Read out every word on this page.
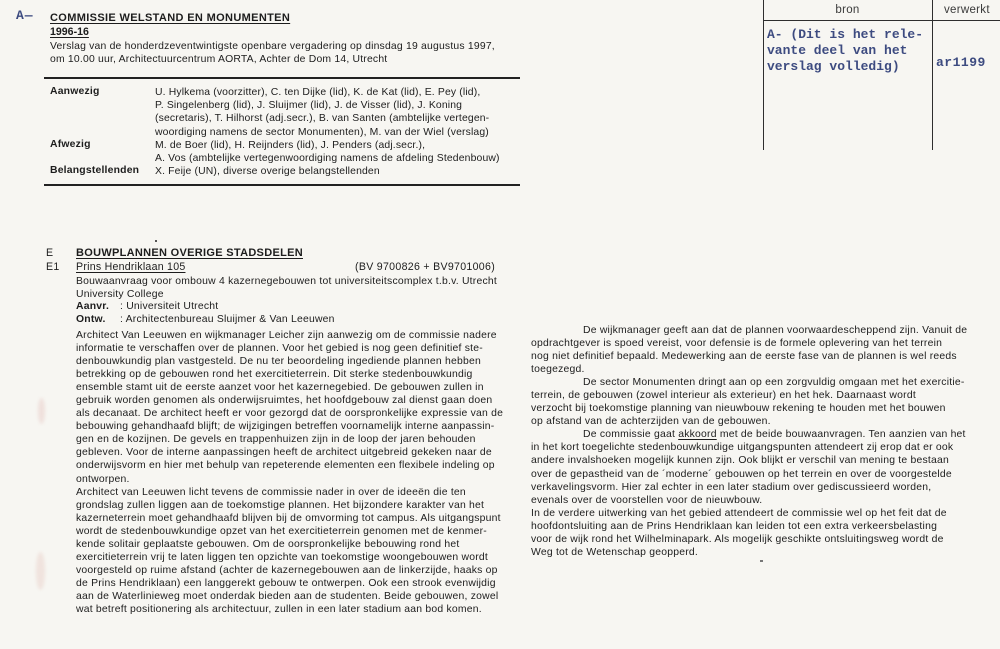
A—	bron	verwerkt
A- (Dit is het rele-
vante deel van het
verslag volledig)	ar1199
COMMISSIE WELSTAND EN MONUMENTEN
1996-16
Verslag van de honderdzeventwintigste openbare vergadering op dinsdag 19 augustus 1997,
om 10.00 uur, Architectuurcentrum AORTA, Achter de Dom 14, Utrecht
Aanwezig	U. Hylkema (voorzitter), C. ten Dijke (lid), K. de Kat (lid), E. Pey (lid),
P. Singelenberg (lid), J. Sluijmer (lid), J. de Visser (lid), J. Koning
(secretaris), T. Hilhorst (adj.secr.), B. van Santen (ambtelijke vertegen-
woordiging namens de sector Monumenten), M. van der Wiel (verslag)
Afwezig	M. de Boer (lid), H. Reijnders (lid), J. Penders (adj.secr.),
A. Vos (ambtelijke vertegenwoordiging namens de afdeling Stedenbouw)
Belangstellenden X. Feije (UN), diverse overige belangstellenden
E BOUWPLANNEN OVERIGE STADSDELEN
E1 Prins Hendriklaan 105	(BV 9700826 + BV9701006)
Bouwaanvraag voor ombouw 4 kazernegebouwen tot universiteitscomplex t.b.v. Utrecht
University College
Aanvr. : Universiteit Utrecht
Ontw. : Architectenbureau Sluijmer & Van Leeuwen
Architect Van Leeuwen en wijkmanager Leicher zijn aanwezig om de commissie nadere
informatie te verschaffen over de plannen. Voor het gebied is nog geen definitief ste-
denbouwkundig plan vastgesteld. De nu ter beoordeling ingediende plannen hebben
betrekking op de gebouwen rond het exercitieterrein. Dit sterke stedenbouwkundig
ensemble stamt uit de eerste aanzet voor het kazernegebied. De gebouwen zullen in
gebruik worden genomen als onderwijsruimtes, het hoofdgebouw zal dienst gaan doen
als decanaat. De architect heeft er voor gezorgd dat de oorspronkelijke expressie van de
bebouwing gehandhaafd blijft; de wijzigingen betreffen voornamelijk interne aanpassin-
gen en de kozijnen. De gevels en trappenhuizen zijn in de loop der jaren behouden
gebleven. Voor de interne aanpassingen heeft de architect uitgebreid gekeken naar de
onderwijsvorm en hier met behulp van repeterende elementen een flexibele indeling op
ontworpen.
Architect van Leeuwen licht tevens de commissie nader in over de ideeën die ten
grondslag zullen liggen aan de toekomstige plannen. Het bijzondere karakter van het
kazerneterrein moet gehandhaafd blijven bij de omvorming tot campus. Als uitgangspunt
wordt de stedenbouwkundige opzet van het exercitieterrein genomen met de kenmer-
kende solitair geplaatste gebouwen. Om de oorspronkelijke bebouwing rond het
exercitieterrein vrij te laten liggen ten opzichte van toekomstige woongebouwen wordt
voorgesteld op ruime afstand (achter de kazernegebouwen aan de linkerzijde, haaks op
de Prins Hendriklaan) een langgerekt gebouw te ontwerpen. Ook een strook evenwijdig
aan de Waterlinieweg moet onderdak bieden aan de studenten. Beide gebouwen, zowel
wat betreft positionering als architectuur, zullen in een later stadium aan bod komen.
De wijkmanager geeft aan dat de plannen voorwaardescheppend zijn. Vanuit de
opdrachtgever is spoed vereist, voor defensie is de formele oplevering van het terrein
nog niet definitief bepaald. Medewerking aan de eerste fase van de plannen is wel reeds
toegezegd.
De sector Monumenten dringt aan op een zorgvuldig omgaan met het exercitie-
terrein, de gebouwen (zowel interieur als exterieur) en het hek. Daarnaast wordt
verzocht bij toekomstige planning van nieuwbouw rekening te houden met het bouwen
op afstand van de achterzijden van de gebouwen.
De commissie gaat akkoord met de beide bouwaanvragen. Ten aanzien van het
in het kort toegelichte stedenbouwkundige uitgangspunten attendeert zij erop dat er ook
andere invalshoeken mogelijk kunnen zijn. Ook blijkt er verschil van mening te bestaan
over de gepastheid van de ´moderne´ gebouwen op het terrein en over de voorgestelde
verkavelingsvorm. Hier zal echter in een later stadium over gediscussieerd worden,
evenals over de voorstellen voor de nieuwbouw.
In de verdere uitwerking van het gebied attendeert de commissie wel op het feit dat de
hoofdontsluiting aan de Prins Hendriklaan kan leiden tot een extra verkeersbelasting
voor de wijk rond het Wilhelminapark. Als mogelijk geschikte ontsluitingsweg wordt de
Weg tot de Wetenschap geopperd.
